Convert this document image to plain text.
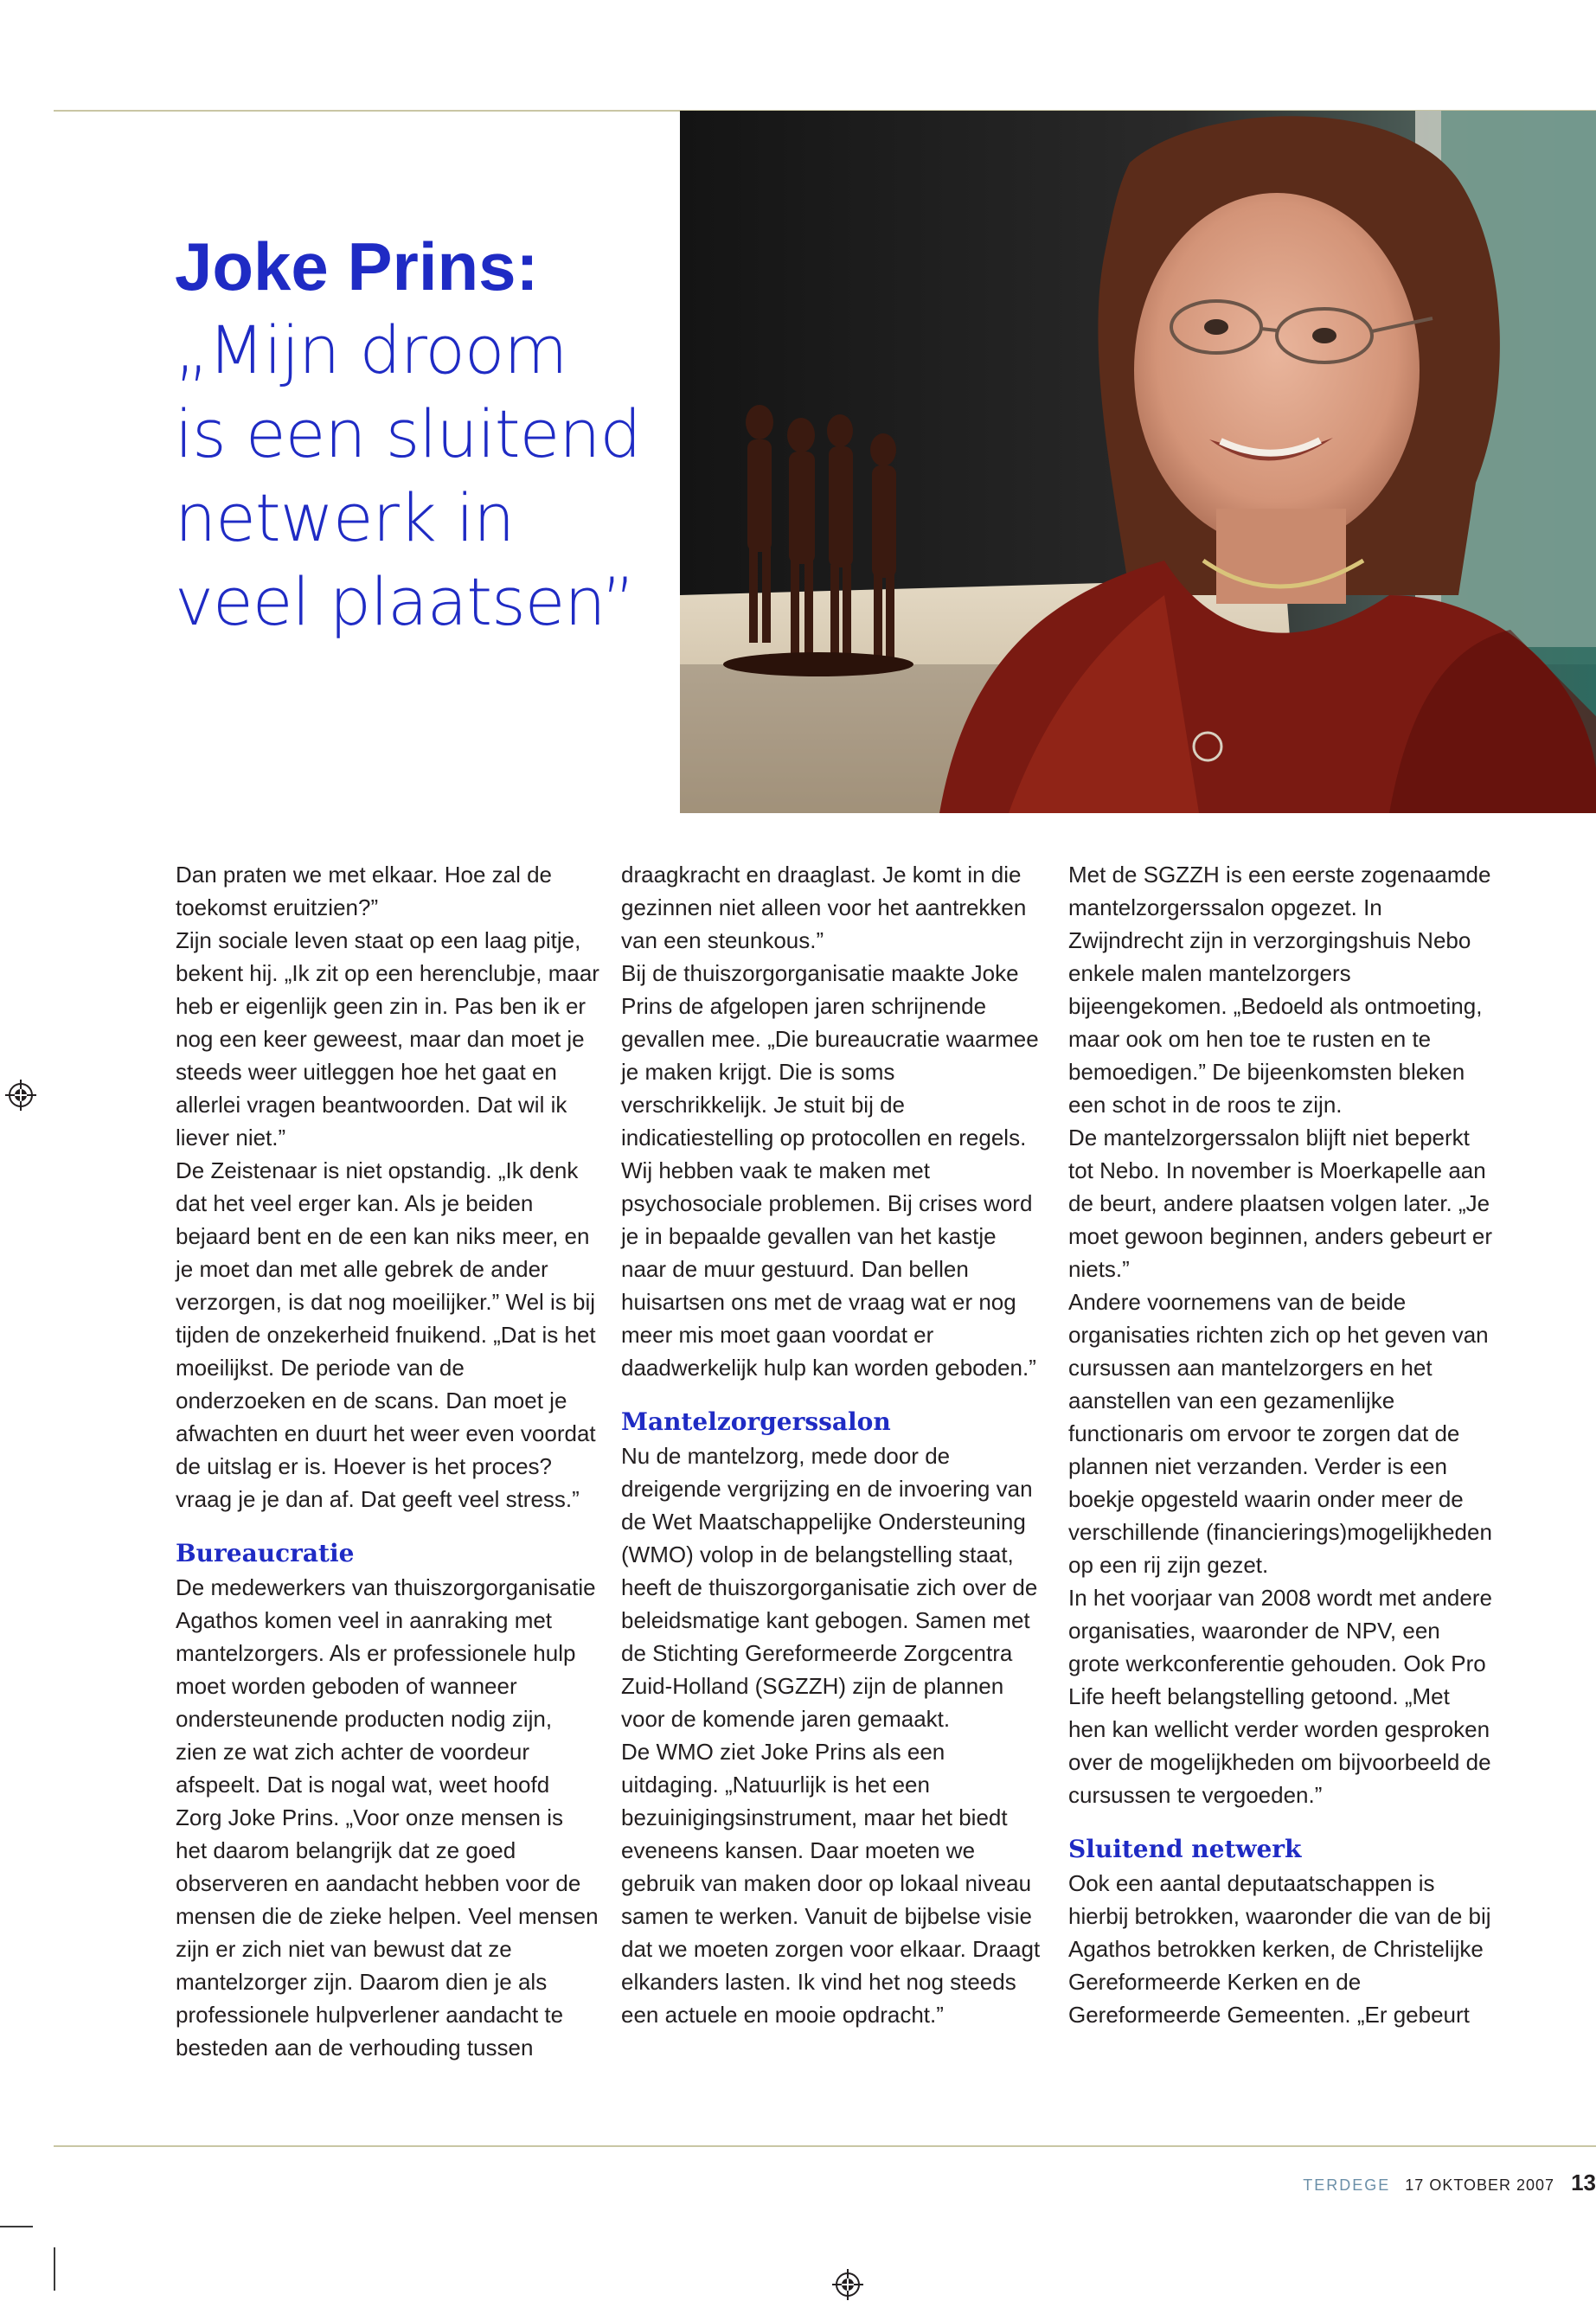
Joke Prins:
„Mijn droom
is een sluitend
netwerk in
veel plaatsen”

Dan praten we met elkaar. Hoe zal de toekomst eruitzien?”

Zijn sociale leven staat op een laag pitje, bekent hij. „Ik zit op een herenclubje, maar heb er eigenlijk geen zin in. Pas ben ik er nog een keer geweest, maar dan moet je steeds weer uitleggen hoe het gaat en allerlei vragen beantwoorden. Dat wil ik liever niet.”

De Zeistenaar is niet opstandig. „Ik denk dat het veel erger kan. Als je beiden bejaard bent en de een kan niks meer, en je moet dan met alle gebrek de ander verzorgen, is dat nog moeilijker.” Wel is bij tijden de onzekerheid fnuikend. „Dat is het moeilijkst. De periode van de onderzoeken en de scans. Dan moet je afwachten en duurt het weer even voordat de uitslag er is. Hoever is het proces? vraag je je dan af. Dat geeft veel stress.”

Bureaucratie

De medewerkers van thuiszorgorganisatie Agathos komen veel in aanraking met mantelzorgers. Als er professionele hulp moet worden geboden of wanneer ondersteunende producten nodig zijn, zien ze wat zich achter de voordeur afspeelt. Dat is nogal wat, weet hoofd Zorg Joke Prins. „Voor onze mensen is het daarom belangrijk dat ze goed observeren en aandacht hebben voor de mensen die de zieke helpen. Veel mensen zijn er zich niet van bewust dat ze mantelzorger zijn. Daarom dien je als professionele hulpverlener aandacht te besteden aan de verhouding tussen

draagkracht en draaglast. Je komt in die gezinnen niet alleen voor het aantrekken van een steunkous.”

Bij de thuiszorgorganisatie maakte Joke Prins de afgelopen jaren schrijnende gevallen mee. „Die bureaucratie waarmee je maken krijgt. Die is soms verschrikkelijk. Je stuit bij de indicatiestelling op protocollen en regels. Wij hebben vaak te maken met psychosociale problemen. Bij crises word je in bepaalde gevallen van het kastje naar de muur gestuurd. Dan bellen huisartsen ons met de vraag wat er nog meer mis moet gaan voordat er daadwerkelijk hulp kan worden geboden.”

Mantelzorgerssalon

Nu de mantelzorg, mede door de dreigende vergrijzing en de invoering van de Wet Maatschappelijke Ondersteuning (WMO) volop in de belangstelling staat, heeft de thuiszorgorganisatie zich over de beleidsmatige kant gebogen. Samen met de Stichting Gereformeerde Zorgcentra Zuid-Holland (SGZZH) zijn de plannen voor de komende jaren gemaakt.

De WMO ziet Joke Prins als een uitdaging. „Natuurlijk is het een bezuinigingsinstrument, maar het biedt eveneens kansen. Daar moeten we gebruik van maken door op lokaal niveau samen te werken. Vanuit de bijbelse visie dat we moeten zorgen voor elkaar. Draagt elkanders lasten. Ik vind het nog steeds een actuele en mooie opdracht.”

Met de SGZZH is een eerste zogenaamde mantelzorgerssalon opgezet. In Zwijndrecht zijn in verzorgingshuis Nebo enkele malen mantelzorgers bijeengekomen. „Bedoeld als ontmoeting, maar ook om hen toe te rusten en te bemoedigen.” De bijeenkomsten bleken een schot in de roos te zijn.

De mantelzorgerssalon blijft niet beperkt tot Nebo. In november is Moerkapelle aan de beurt, andere plaatsen volgen later. „Je moet gewoon beginnen, anders gebeurt er niets.”

Andere voornemens van de beide organisaties richten zich op het geven van cursussen aan mantelzorgers en het aanstellen van een gezamenlijke functionaris om ervoor te zorgen dat de plannen niet verzanden. Verder is een boekje opgesteld waarin onder meer de verschillende (financierings)mogelijkheden op een rij zijn gezet.

In het voorjaar van 2008 wordt met andere organisaties, waaronder de NPV, een grote werkconferentie gehouden. Ook Pro Life heeft belangstelling getoond. „Met hen kan wellicht verder worden gesproken over de mogelijkheden om bijvoorbeeld de cursussen te vergoeden.”

Sluitend netwerk

Ook een aantal deputaatschappen is hierbij betrokken, waaronder die van de bij Agathos betrokken kerken, de Christelijke Gereformeerde Kerken en de Gereformeerde Gemeenten. „Er gebeurt

TERDEGE 17 OKTOBER 2007 13
